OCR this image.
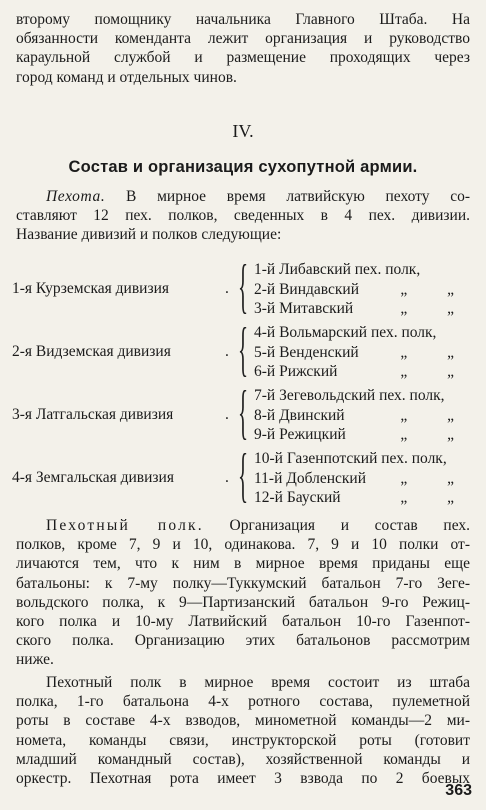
второму помощнику начальника Главного Штаба. На
обязанности коменданта лежит организация и руководство
караульной службой и размещение проходящих через
город команд и отдельных чинов.
IV.
Состав и организация сухопутной армии.
Пехота. В мирное время латвийскую пехоту со-
ставляют 12 пех. полков, сведенных в 4 пех. дивизии.
Название дивизий и полков следующие:
1-я Курземская дивизия	. { 1-й Либавский пех. полк,
2-й Виндавский	„ „
3-й Митавский	„ „
2-я Видземская дивизия	. { 4-й Вольмарский пех. полк,
5-й Венденский	„ „
6-й Рижский	„ „
3-я Латгальская дивизия	. { 7-й Зегевольдский пех. полк,
8-й Двинский	„ „
9-й Режицкий	„ „
4-я Земгальская дивизия	. { 10-й Газенпотский пех. полк,
11-й Добленский „ „
12-й Бауский	„ „
Пехотный полк. Организация и состав пех.
полков, кроме 7, 9 и 10, одинакова. 7, 9 и 10 полки от-
личаются тем, что к ним в мирное время приданы еще
батальоны: к 7-му полку—Туккумский батальон 7-го Зеге-
вольдского полка, к 9—Партизанский батальон 9-го Режиц-
кого полка и 10-му Латвийский батальон 10-го Газенпот-
ского полка. Организацию этих батальонов рассмотрим
ниже.
Пехотный полк в мирное время состоит из штаба
полка, 1-го батальона 4-х ротного состава, пулеметной
роты в составе 4-х взводов, минометной команды—2 ми-
номета, команды связи, инструкторской роты (готовит
младший командный состав), хозяйственной команды и
оркестр. Пехотная рота имеет 3 взвода по 2 боевых
363
